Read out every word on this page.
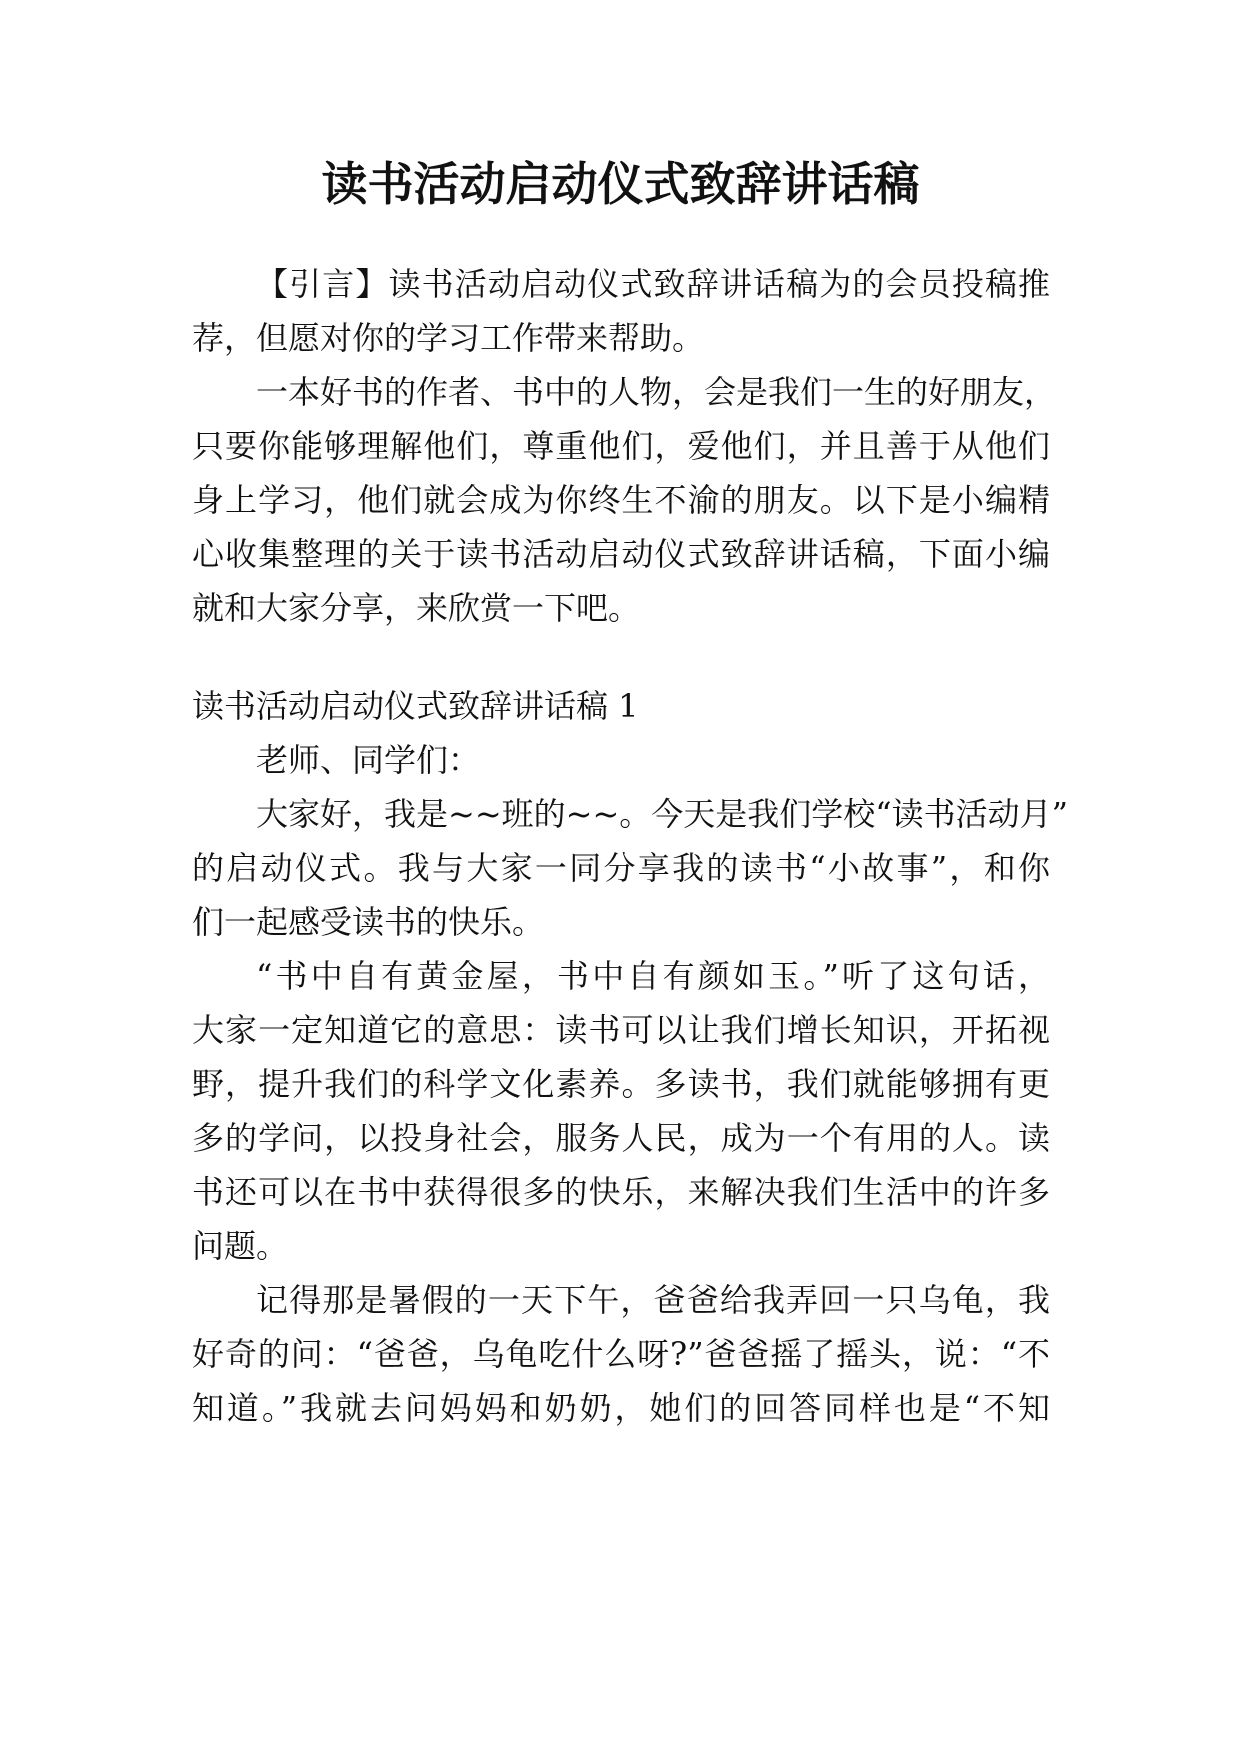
读书活动启动仪式致辞讲话稿
【引言】读书活动启动仪式致辞讲话稿为的会员投稿推
荐，但愿对你的学习工作带来帮助。
一本好书的作者、书中的人物，会是我们一生的好朋友，
只要你能够理解他们，尊重他们，爱他们，并且善于从他们
身上学习，他们就会成为你终生不渝的朋友。以下是小编精
心收集整理的关于读书活动启动仪式致辞讲话稿，下面小编
就和大家分享，来欣赏一下吧。
读书活动启动仪式致辞讲话稿 1
老师、同学们：
大家好，我是~~班的~~。今天是我们学校“读书活动月”
的启动仪式。我与大家一同分享我的读书“小故事”，和你
们一起感受读书的快乐。
“书中自有黄金屋，书中自有颜如玉。”听了这句话，
大家一定知道它的意思：读书可以让我们增长知识，开拓视
野，提升我们的科学文化素养。多读书，我们就能够拥有更
多的学问，以投身社会，服务人民，成为一个有用的人。读
书还可以在书中获得很多的快乐，来解决我们生活中的许多
问题。
记得那是暑假的一天下午，爸爸给我弄回一只乌龟，我
好奇的问：“爸爸，乌龟吃什么呀?”爸爸摇了摇头，说：“不
知道。”我就去问妈妈和奶奶，她们的回答同样也是“不知
